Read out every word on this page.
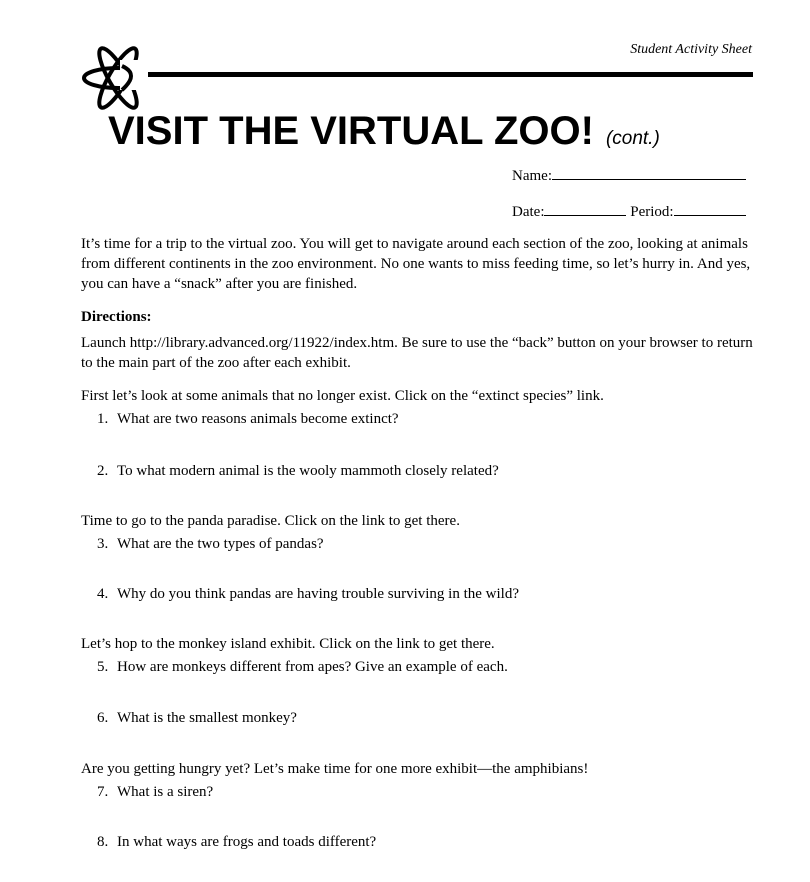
Student Activity Sheet
VISIT THE VIRTUAL ZOO! (cont.)
Name:
Date:	Period:
It’s time for a trip to the virtual zoo. You will get to navigate around each section of the zoo, looking at animals from different continents in the zoo environment. No one wants to miss feeding time, so let’s hurry in. And yes, you can have a “snack” after you are finished.
Directions:
Launch http://library.advanced.org/11922/index.htm. Be sure to use the “back” button on your browser to return to the main part of the zoo after each exhibit.
First let’s look at some animals that no longer exist. Click on the “extinct species” link.
1. What are two reasons animals become extinct?
2. To what modern animal is the wooly mammoth closely related?
Time to go to the panda paradise. Click on the link to get there.
3. What are the two types of pandas?
4. Why do you think pandas are having trouble surviving in the wild?
Let’s hop to the monkey island exhibit. Click on the link to get there.
5. How are monkeys different from apes? Give an example of each.
6. What is the smallest monkey?
Are you getting hungry yet? Let’s make time for one more exhibit—the amphibians!
7. What is a siren?
8. In what ways are frogs and toads different?
